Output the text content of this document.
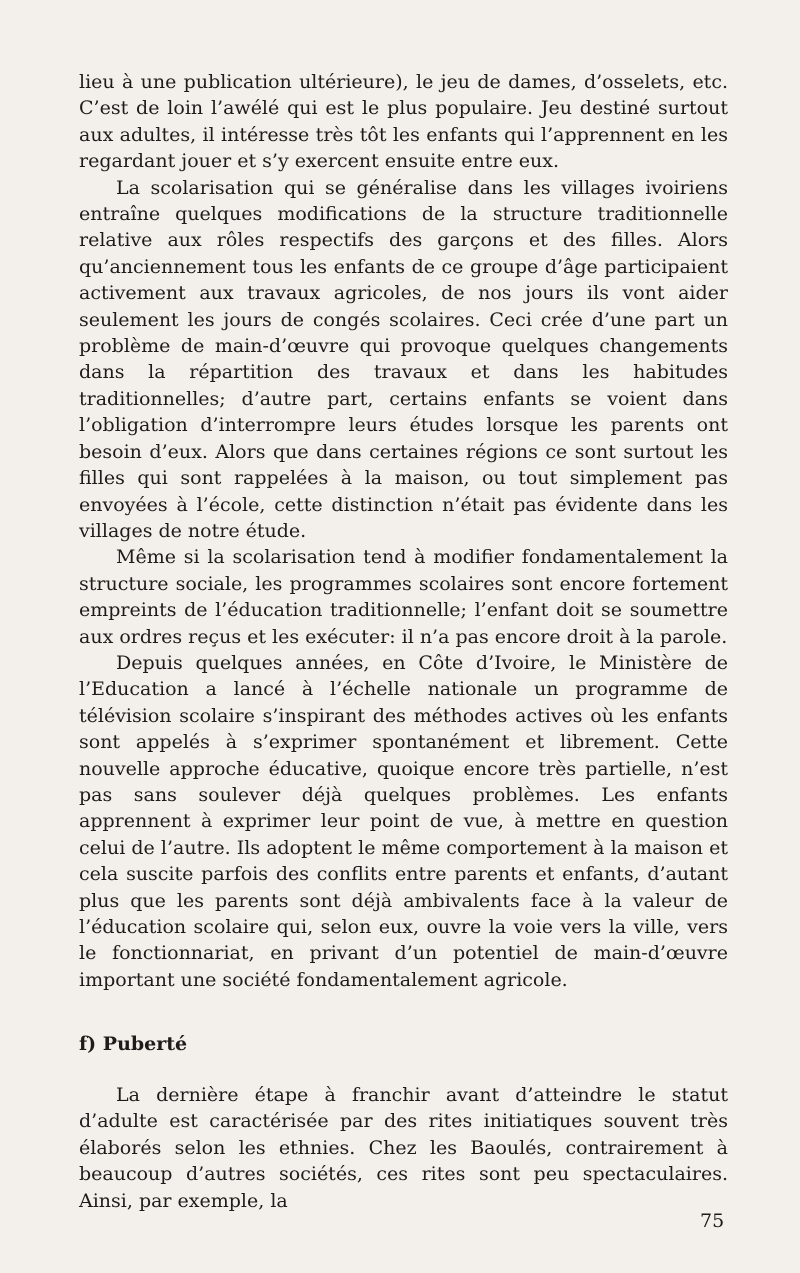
lieu à une publication ultérieure), le jeu de dames, d’osselets, etc. C’est de loin l’awélé qui est le plus populaire. Jeu destiné surtout aux adultes, il intéresse très tôt les enfants qui l’apprennent en les regardant jouer et s’y exercent ensuite entre eux.

La scolarisation qui se généralise dans les villages ivoiriens entraîne quelques modifications de la structure traditionnelle relative aux rôles respectifs des garçons et des filles. Alors qu’anciennement tous les enfants de ce groupe d’âge participaient activement aux travaux agricoles, de nos jours ils vont aider seulement les jours de congés scolaires. Ceci crée d’une part un problème de main-d’œuvre qui provoque quelques changements dans la répartition des travaux et dans les habitudes traditionnelles; d’autre part, certains enfants se voient dans l’obligation d’interrompre leurs études lorsque les parents ont besoin d’eux. Alors que dans certaines régions ce sont surtout les filles qui sont rappelées à la maison, ou tout simplement pas envoyées à l’école, cette distinction n’était pas évidente dans les villages de notre étude.

Même si la scolarisation tend à modifier fondamentalement la structure sociale, les programmes scolaires sont encore fortement empreints de l’éducation traditionnelle; l’enfant doit se soumettre aux ordres reçus et les exécuter: il n’a pas encore droit à la parole.

Depuis quelques années, en Côte d’Ivoire, le Ministère de l’Education a lancé à l’échelle nationale un programme de télévision scolaire s’inspirant des méthodes actives où les enfants sont appelés à s’exprimer spontanément et librement. Cette nouvelle approche éducative, quoique encore très partielle, n’est pas sans soulever déjà quelques problèmes. Les enfants apprennent à exprimer leur point de vue, à mettre en question celui de l’autre. Ils adoptent le même comportement à la maison et cela suscite parfois des conflits entre parents et enfants, d’autant plus que les parents sont déjà ambivalents face à la valeur de l’éducation scolaire qui, selon eux, ouvre la voie vers la ville, vers le fonctionnariat, en privant d’un potentiel de main-d’œuvre important une société fondamentalement agricole.

f) Puberté

La dernière étape à franchir avant d’atteindre le statut d’adulte est caractérisée par des rites initiatiques souvent très élaborés selon les ethnies. Chez les Baoulés, contrairement à beaucoup d’autres sociétés, ces rites sont peu spectaculaires. Ainsi, par exemple, la

75
